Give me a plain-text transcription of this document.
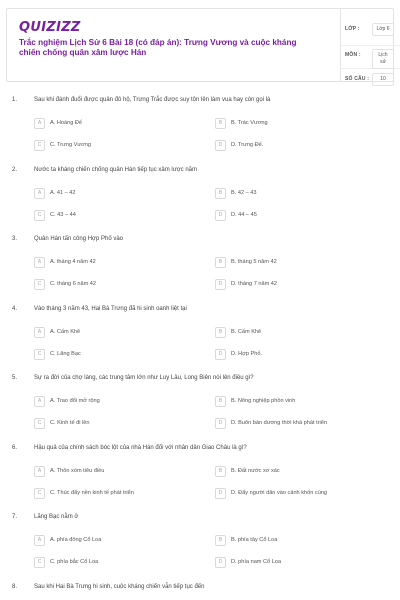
QUIZIZZ
Trắc nghiệm Lịch Sử 6 Bài 18 (có đáp án): Trưng Vương và cuộc kháng chiến chống quân xâm lược Hán
LỚP :	Lớp 6
MÔN :	Lịch sử
SỐ CÂU :	10
1.	Sau khi đánh đuổi được quân đô hộ, Trưng Trắc được suy tôn lên làm vua hay còn gọi là
A	A. Hoàng Đế	B	B. Trác Vương
C	C. Trưng Vương	D	D. Trưng Đế.
2.	Nước ta kháng chiến chống quân Hán tiếp tục xâm lược năm
A	A. 41 – 42	B	B. 42 – 43
C	C. 43 – 44	D	D. 44 – 45
3.	Quân Hán tấn công Hợp Phố vào
A	A. tháng 4 năm 42	B	B. tháng 5 năm 42
C	C. tháng 6 năm 42	D	D. tháng 7 năm 42
4.	Vào tháng 3 năm 43, Hai Bà Trưng đã hi sinh oanh liệt tại
A	A. Cấm Khê	B	B. Cấm Khê
C	C. Lãng Bạc	D	D. Hợp Phố.
5.	Sự ra đời của chợ làng, các trung tâm lớn như Luy Lâu, Long Biên nói lên điều gì?
A	A. Trao đổi mở rộng	B	B. Nông nghiệp phồn vinh
C	C. Kinh tế đi lên	D	D. Buôn bán dương thời khá phát triển
6.	Hậu quả của chính sách bóc lột của nhà Hán đối với nhân dân Giao Châu là gì?
A	A. Thôn xóm tiêu điều	B	B. Đất nước xơ xác
C	C. Thúc đẩy nền kinh tế phát triển	D	D. Đẩy người dân vào cảnh khốn cùng
7.	Lãng Bạc nằm ở
A	A. phía đông Cổ Loa	B	B. phía tây Cổ Loa
C	C. phía bắc Cổ Loa	D	D. phía nam Cổ Loa
8.	Sau khi Hai Bà Trưng hi sinh, cuộc kháng chiến vẫn tiếp tục đến
